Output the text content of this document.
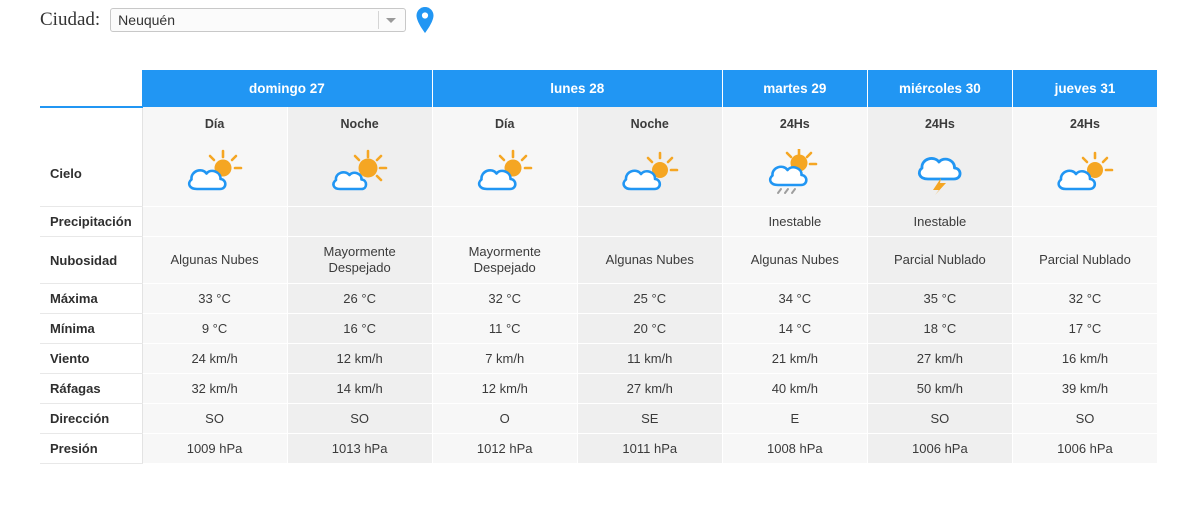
Ciudad:	Neuquén
	domingo 27		lunes 28		martes 29	miércoles 30	jueves 31
	Día	Noche	Día	Noche	24Hs	24Hs	24Hs
Cielo							
Precipitación					Inestable	Inestable	
Nubosidad	Algunas Nubes	Mayormente Despejado	Mayormente Despejado	Algunas Nubes	Algunas Nubes	Parcial Nublado	Parcial Nublado
Máxima	33 °C	26 °C	32 °C	25 °C	34 °C	35 °C	32 °C
Mínima	9 °C	16 °C	11 °C	20 °C	14 °C	18 °C	17 °C
Viento	24 km/h	12 km/h	7 km/h	11 km/h	21 km/h	27 km/h	16 km/h
Ráfagas	32 km/h	14 km/h	12 km/h	27 km/h	40 km/h	50 km/h	39 km/h
Dirección	SO	SO	O	SE	E	SO	SO
Presión	1009 hPa	1013 hPa	1012 hPa	1011 hPa	1008 hPa	1006 hPa	1006 hPa
